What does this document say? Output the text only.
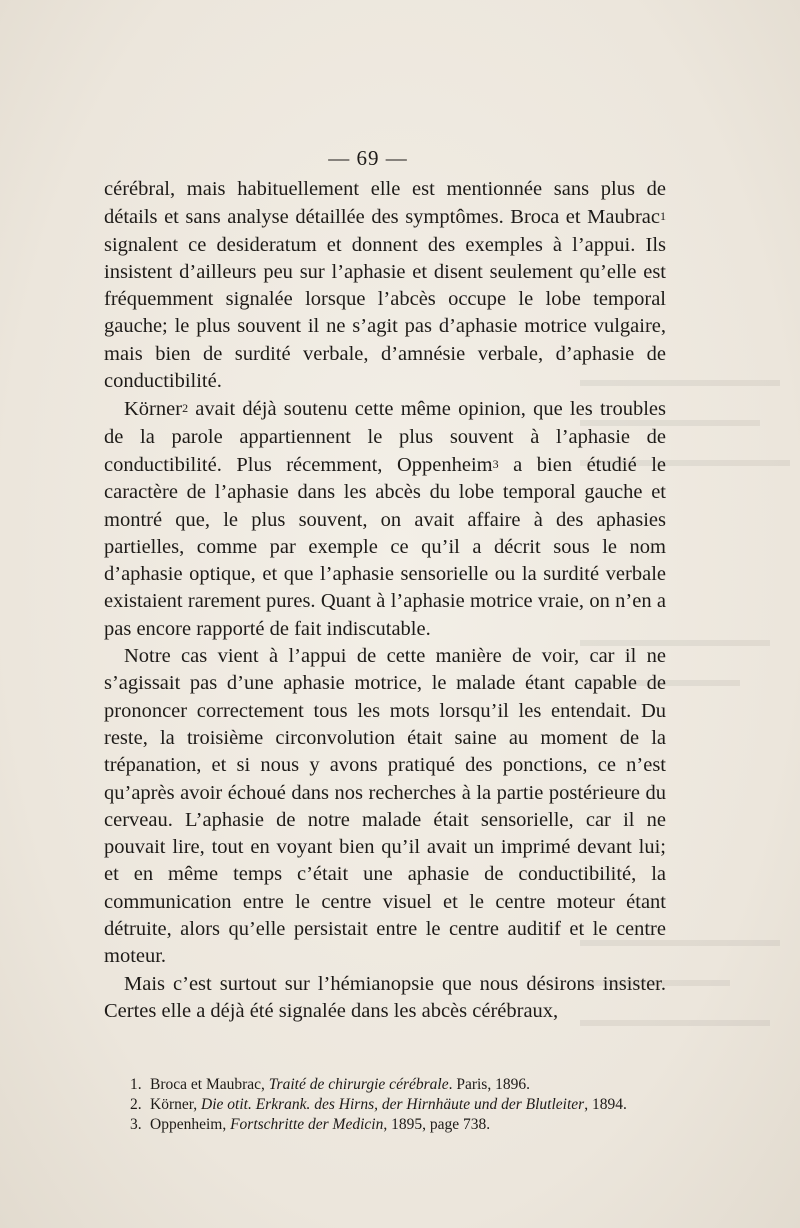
— 69 —

cérébral, mais habituellement elle est mentionnée sans plus de détails et sans analyse détaillée des symptômes. Broca et Maubrac1 signalent ce desideratum et donnent des exemples à l’appui. Ils insistent d’ailleurs peu sur l’aphasie et disent seulement qu’elle est fréquemment signalée lorsque l’abcès occupe le lobe temporal gauche; le plus souvent il ne s’agit pas d’aphasie motrice vulgaire, mais bien de surdité verbale, d’amnésie verbale, d’aphasie de conductibilité.

Körner2 avait déjà soutenu cette même opinion, que les troubles de la parole appartiennent le plus souvent à l’aphasie de conductibilité. Plus récemment, Oppenheim3 a bien étudié le caractère de l’aphasie dans les abcès du lobe temporal gauche et montré que, le plus souvent, on avait affaire à des aphasies partielles, comme par exemple ce qu’il a décrit sous le nom d’aphasie optique, et que l’aphasie sensorielle ou la surdité verbale existaient rarement pures. Quant à l’aphasie motrice vraie, on n’en a pas encore rapporté de fait indiscutable.

Notre cas vient à l’appui de cette manière de voir, car il ne s’agissait pas d’une aphasie motrice, le malade étant capable de prononcer correctement tous les mots lorsqu’il les entendait. Du reste, la troisième circonvolution était saine au moment de la trépanation, et si nous y avons pratiqué des ponctions, ce n’est qu’après avoir échoué dans nos recherches à la partie postérieure du cerveau. L’aphasie de notre malade était sensorielle, car il ne pouvait lire, tout en voyant bien qu’il avait un imprimé devant lui; et en même temps c’était une aphasie de conductibilité, la communication entre le centre visuel et le centre moteur étant détruite, alors qu’elle persistait entre le centre auditif et le centre moteur.

Mais c’est surtout sur l’hémianopsie que nous désirons insister. Certes elle a déjà été signalée dans les abcès cérébraux,

1. Broca et Maubrac, Traité de chirurgie cérébrale. Paris, 1896.

2. Körner, Die otit. Erkrank. des Hirns, der Hirnhäute und der Blutleiter, 1894.

3. Oppenheim, Fortschritte der Medicin, 1895, page 738.
